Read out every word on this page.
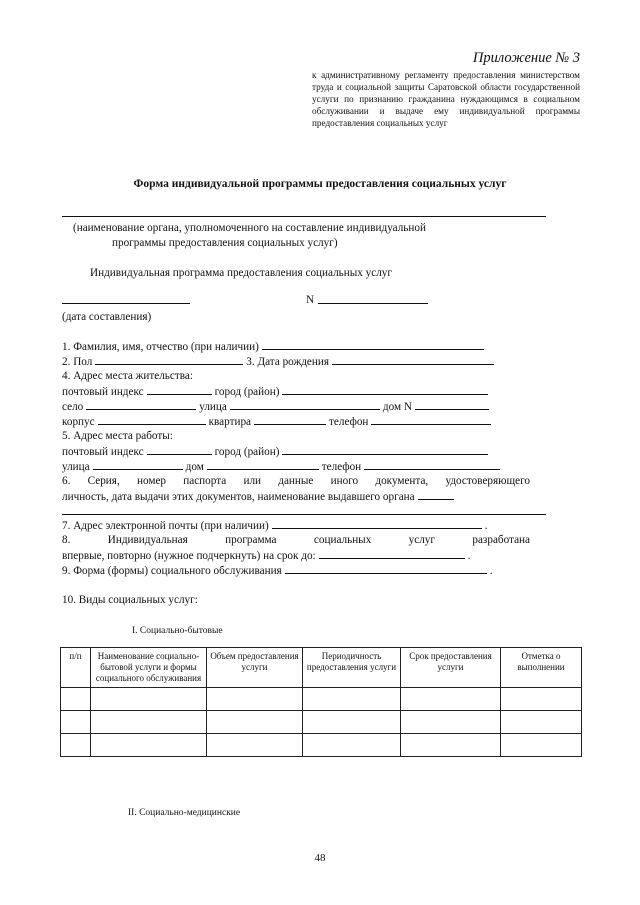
Приложение № 3
к административному регламенту предоставления министерством труда и социальной защиты Саратовской области государственной услуги по признанию гражданина нуждающимся в социальном обслуживании и выдаче ему индивидуальной программы предоставления социальных услуг
Форма индивидуальной программы предоставления социальных услуг
(наименование органа, уполномоченного на составление индивидуальной
программы предоставления социальных услуг)
Индивидуальная программа предоставления социальных услуг
N
(дата составления)
1. Фамилия, имя, отчество (при наличии)
2. Пол	3. Дата рождения
4. Адрес места жительства:
почтовый индекс	город (район)
село	улица	дом N
корпус	квартира	телефон
5. Адрес места работы:
почтовый индекс	город (район)
улица	дом	телефон
6. Серия, номер паспорта или данные иного документа, удостоверяющего
личность, дата выдачи этих документов, наименование выдавшего органа
7. Адрес электронной почты (при наличии)	.
8. Индивидуальная программа социальных услуг разработана
впервые, повторно (нужное подчеркнуть) на срок до:	.
9. Форма (формы) социального обслуживания	.
10. Виды социальных услуг:
I. Социально-бытовые
п/п	Наименование социально-бытовой услуги и формы социального обслуживания	Объем предоставления услуги	Периодичность предоставления услуги	Срок предоставления услуги	Отметка о выполнении

II. Социально-медицинские
48
